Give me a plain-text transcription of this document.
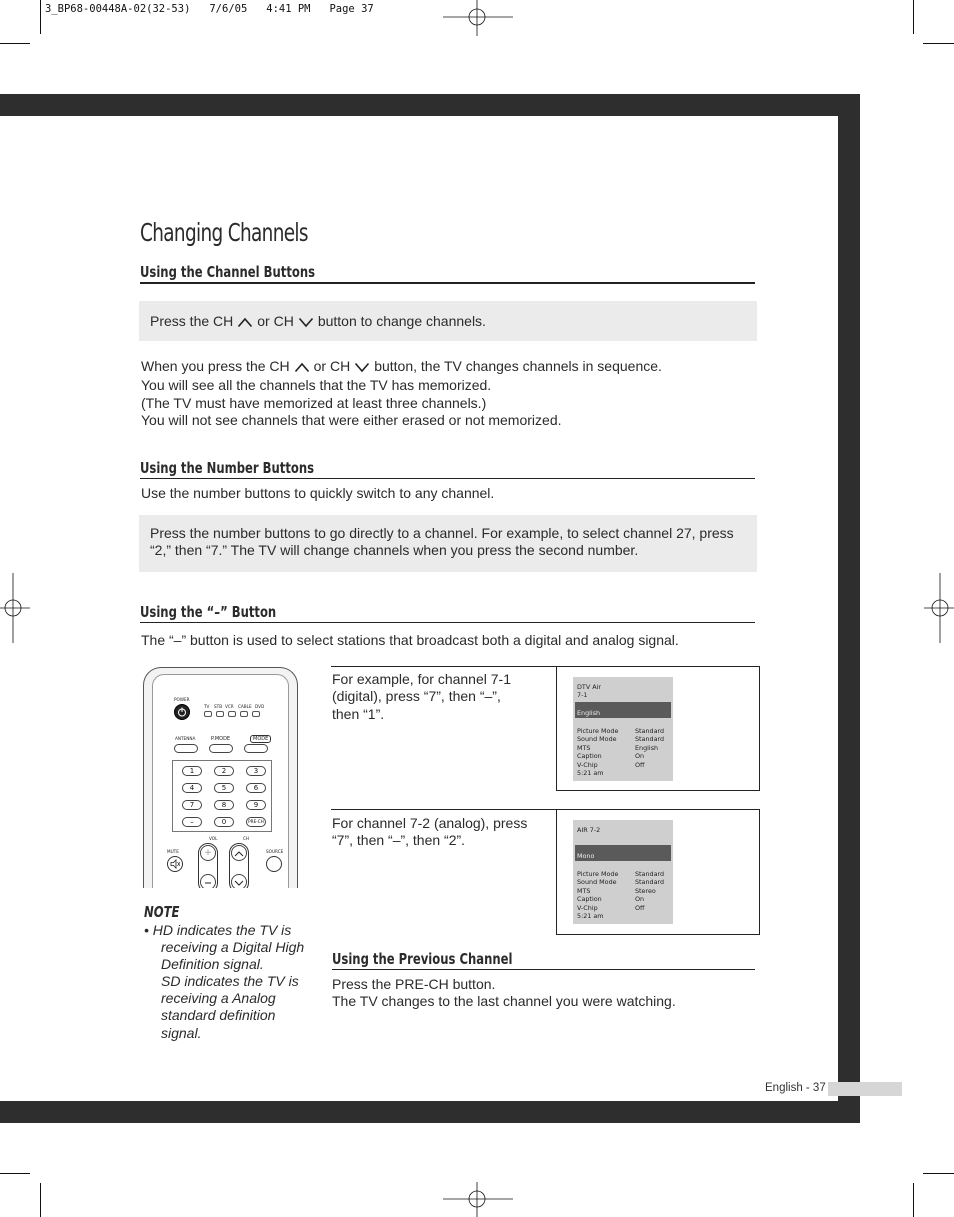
3_BP68-00448A-02(32-53)   7/6/05   4:41 PM   Page 37
Changing Channels
Using the Channel Buttons
Press the CH or CH button to change channels.
When you press the CH or CH button, the TV changes channels in sequence.
You will see all the channels that the TV has memorized.
(The TV must have memorized at least three channels.)
You will not see channels that were either erased or not memorized.
Using the Number Buttons
Use the number buttons to quickly switch to any channel.
Press the number buttons to go directly to a channel. For example, to select channel 27, press
“2,” then “7.” The TV will change channels when you press the second number.
Using the “–” Button
The “–” button is used to select stations that broadcast both a digital and analog signal.
POWER
TV STB VCR CABLE DVD
ANTENNA	P.MODE	MODE
1	2	3
4	5	6
7	8	9
–	0	PRE-CH
VOL	CH
MUTE	SOURCE
+
For example, for channel 7-1
(digital), press “7”, then “–”,
then “1”.
DTV Air
7-1
English
Picture Mode	Standard
Sound Mode	Standard
MTS	English
Caption	On
V-Chip	Off
5:21 am
For channel 7-2 (analog), press
“7”, then “–”, then “2”.
AIR 7-2
Mono
Picture Mode	Standard
Sound Mode	Standard
MTS	Stereo
Caption	On
V-Chip	Off
5:21 am
NOTE
• HD indicates the TV is
receiving a Digital High
Definition signal.
SD indicates the TV is
receiving a Analog
standard definition
signal.
Using the Previous Channel
Press the PRE-CH button.
The TV changes to the last channel you were watching.
English - 37
